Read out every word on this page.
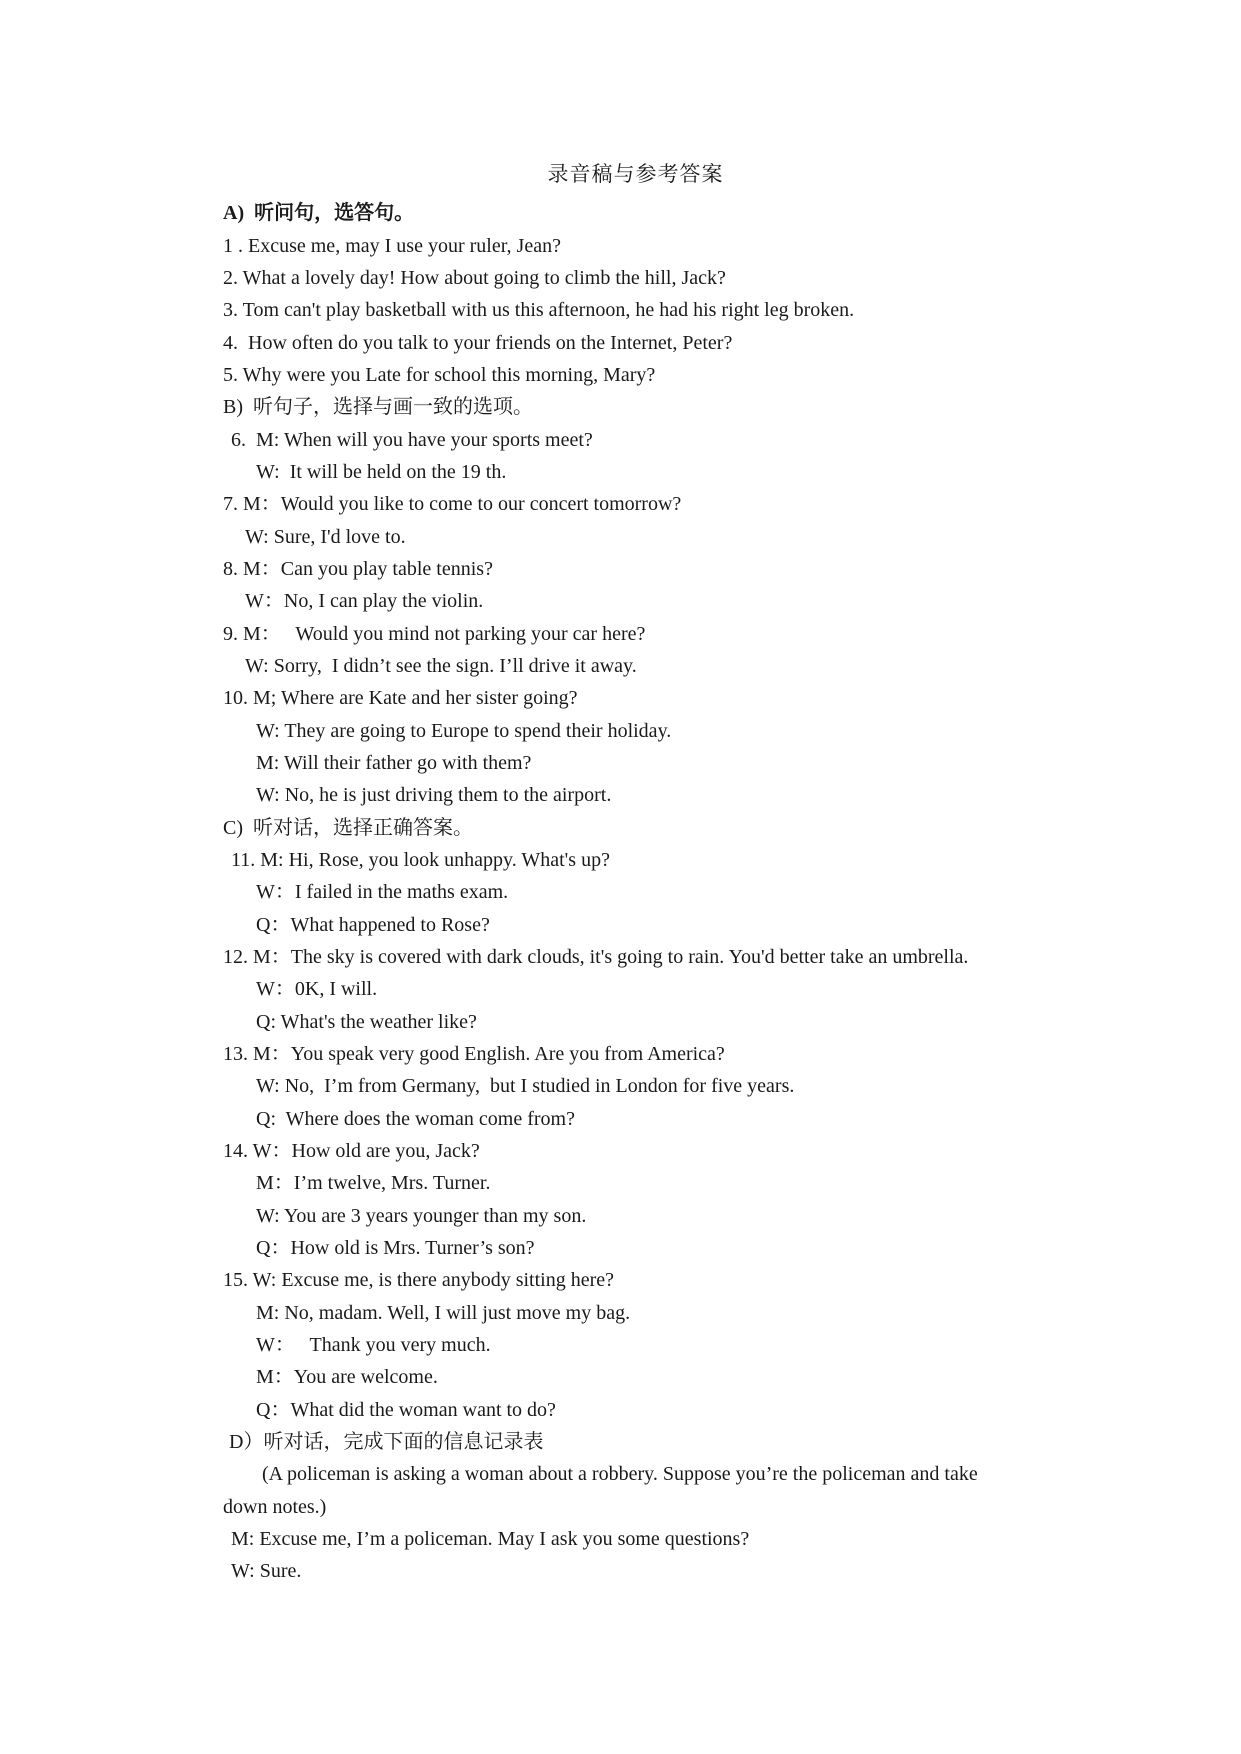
录音稿与参考答案
A)  听问句，选答句。
1 . Excuse me, may I use your ruler, Jean?
2. What a lovely day! How about going to climb the hill, Jack?
3. Tom can't play basketball with us this afternoon, he had his right leg broken.
4.  How often do you talk to your friends on the Internet, Peter?
5. Why were you Late for school this morning, Mary?
B)  听句子，选择与画一致的选项。
6.  M: When will you have your sports meet?
W:  It will be held on the 19 th.
7. M：Would you like to come to our concert tomorrow?
W: Sure, I'd love to.
8. M：Can you play table tennis?
W：No, I can play the violin.
9. M：   Would you mind not parking your car here?
W: Sorry,  I didn’t see the sign. I’ll drive it away.
10. M; Where are Kate and her sister going?
W: They are going to Europe to spend their holiday.
M: Will their father go with them?
W: No, he is just driving them to the airport.
C)  听对话，选择正确答案。
11. M: Hi, Rose, you look unhappy. What's up?
W：I failed in the maths exam.
Q：What happened to Rose?
12. M：The sky is covered with dark clouds, it's going to rain. You'd better take an umbrella.
W：0K, I will.
Q: What's the weather like?
13. M：You speak very good English. Are you from America?
W: No,  I’m from Germany,  but I studied in London for five years.
Q:  Where does the woman come from?
14. W：How old are you, Jack?
M：I’m twelve, Mrs. Turner.
W: You are 3 years younger than my son.
Q：How old is Mrs. Turner’s son?
15. W: Excuse me, is there anybody sitting here?
M: No, madam. Well, I will just move my bag.
W：   Thank you very much.
M：You are welcome.
Q：What did the woman want to do?
D）听对话，完成下面的信息记录表
(A policeman is asking a woman about a robbery. Suppose you’re the policeman and take
down notes.)
M: Excuse me, I’m a policeman. May I ask you some questions?
W: Sure.
